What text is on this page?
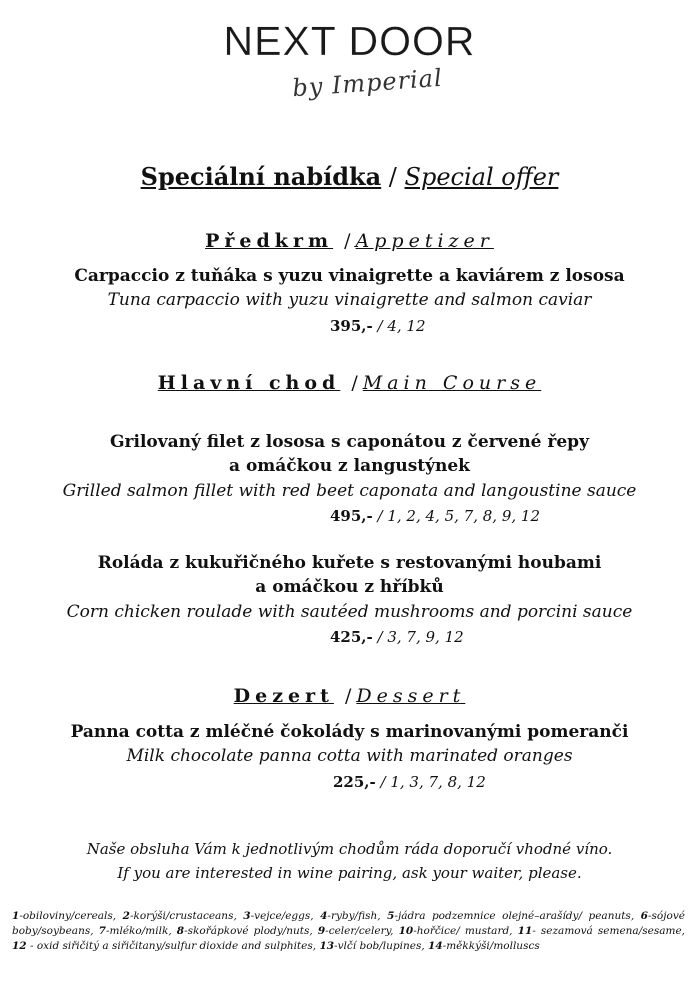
NEXT DOOR
by Imperial
Speciální nabídka / Special offer
Předkrm /Appetizer
Carpaccio z tuňáka s yuzu vinaigrette a kaviárem z lososa
Tuna carpaccio with yuzu vinaigrette and salmon caviar
395,- / 4, 12
Hlavní chod /Main Course
Grilovaný filet z lososa s caponátou z červené řepy
a omáčkou z langustýnek
Grilled salmon fillet with red beet caponata and langoustine sauce
495,- / 1, 2, 4, 5, 7, 8, 9, 12
Roláda z kukuřičného kuřete s restovanými houbami
a omáčkou z hříbků
Corn chicken roulade with sautéed mushrooms and porcini sauce
425,- / 3, 7, 9, 12
Dezert /Dessert
Panna cotta z mléčné čokolády s marinovanými pomeranči
Milk chocolate panna cotta with marinated oranges
225,- / 1, 3, 7, 8, 12
Naše obsluha Vám k jednotlivým chodům ráda doporučí vhodné víno.
If you are interested in wine pairing, ask your waiter, please.
1-obiloviny/cereals, 2-korýši/crustaceans, 3-vejce/eggs, 4-ryby/fish, 5-jádra podzemnice olejné–arašídy/ peanuts, 6-sójové boby/soybeans, 7-mléko/milk, 8-skořápkové plody/nuts, 9-celer/celery, 10-hořčice/ mustard, 11- sezamová semena/sesame, 12 - oxid siřičitý a siřičitany/sulfur dioxide and sulphites, 13-vlčí bob/lupines, 14-měkkýši/molluscs
